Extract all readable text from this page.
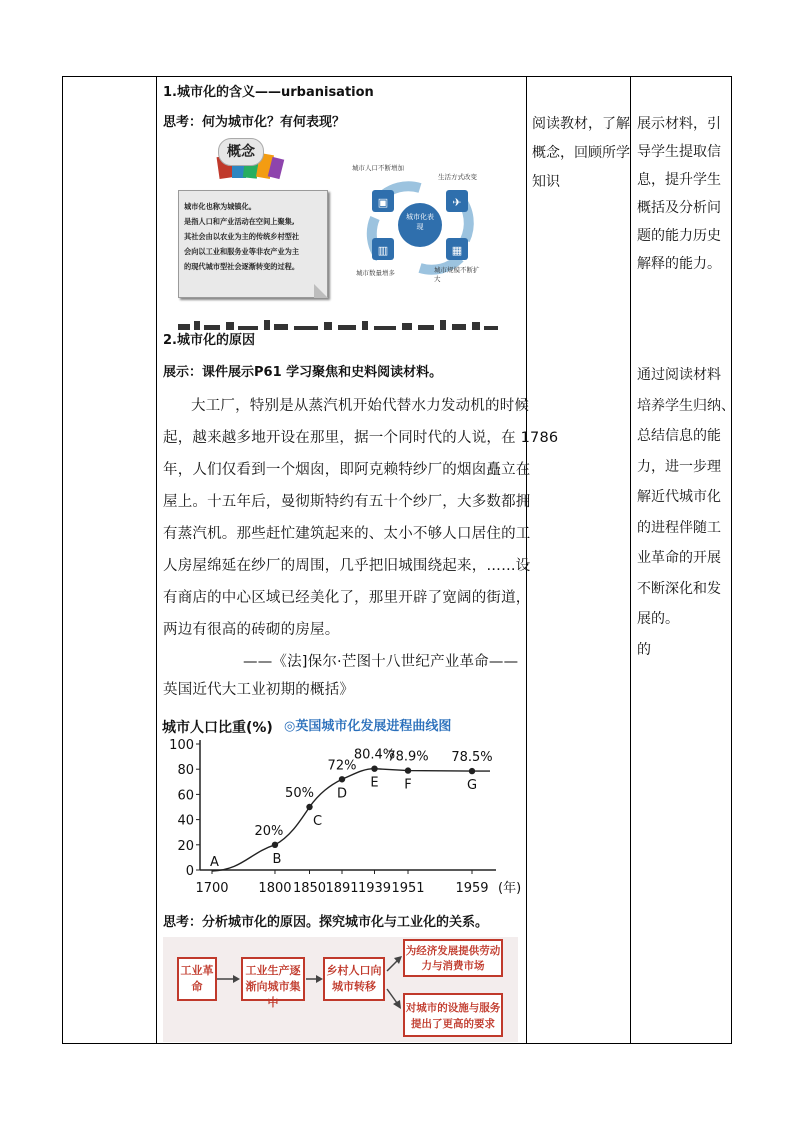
1.城市化的含义——urbanisation
思考：何为城市化？有何表现？
概念
城市化也称为城镇化。
是指人口和产业活动在空间上聚集,
其社会由以农业为主的传统乡村型社
会向以工业和服务业等非农产业为主
的现代城市型社会逐渐转变的过程。
▣	✈
▥	▦
城市化表现
城市人口不断增加
生活方式改变
城市数量增多	城市规模不断扩大
2.城市化的原因
展示：课件展示P61 学习聚焦和史料阅读材料。
大工厂，特别是从蒸汽机开始代替水力发动机的时候
起，越来越多地开设在那里，据一个同时代的人说，在 1786
年，人们仅看到一个烟囱，即阿克赖特纱厂的烟囱矗立在
屋上。十五年后，曼彻斯特约有五十个纱厂，大多数都拥
有蒸汽机。那些赶忙建筑起来的、太小不够人口居住的工
人房屋绵延在纱厂的周围，几乎把旧城围绕起来，……设
有商店的中心区域已经美化了，那里开辟了宽阔的街道，
两边有很高的砖砌的房屋。
——《法]保尔·芒图十八世纪产业革命——
英国近代大工业初期的概括》
城市人口比重(%) ◎英国城市化发展进程曲线图
(年)
100
80
60
40
20
0
1700 1800 1850 1891 1939 1951 1959
A
20%
B
50%
C
72%
D
80.4%
E
78.9%
F
78.5%
G
思考：分析城市化的原因。探究城市化与工业化的关系。
工业革命
工业生产逐渐向城市集中
乡村人口向城市转移
为经济发展提供劳动力与消费市场
对城市的设施与服务提出了更高的要求
阅读教材，了解
概念，回顾所学
知识
展示材料，引
导学生提取信
息，提升学生
概括及分析问
题的能力历史
解释的能力。
通过阅读材料
培养学生归纳、
总结信息的能
力，进一步理
解近代城市化
的进程伴随工
业革命的开展
不断深化和发
展的。
的
